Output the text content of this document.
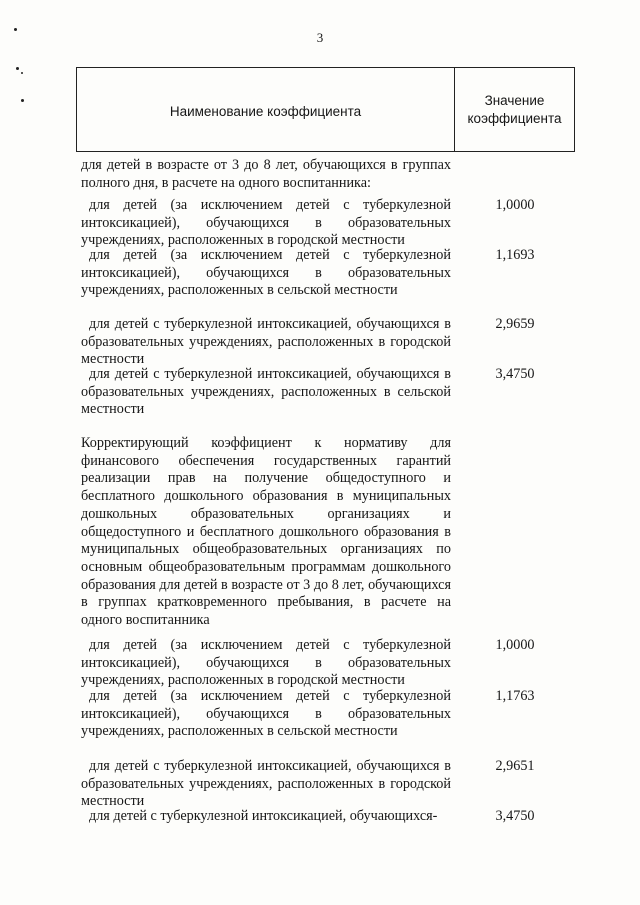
3
Наименование коэффициента
Значение
коэффициента
для детей в возрасте от 3 до 8 лет, обучающихся в группах полного дня, в расчете на одного воспитанника:
для детей (за исключением детей с туберкулезной интоксикацией), обучающихся в образовательных учреждениях, расположенных в городской местности
1,0000
для детей (за исключением детей с туберкулезной интоксикацией), обучающихся в образовательных учреждениях, расположенных в сельской местности
1,1693
для детей с туберкулезной интоксикацией, обучающихся в образовательных учреждениях, расположенных в городской местности
2,9659
для детей с туберкулезной интоксикацией, обучающихся в образовательных учреждениях, расположенных в сельской местности
3,4750
Корректирующий коэффициент к нормативу для финансового обеспечения государственных гарантий реализации прав на получение общедоступного и бесплатного дошкольного образования в муниципальных дошкольных образовательных организациях и общедоступного и бесплатного дошкольного образования в муниципальных общеобразовательных организациях по основным общеобразовательным программам дошкольного образования для детей в возрасте от 3 до 8 лет, обучающихся в группах кратковременного пребывания, в расчете на одного воспитанника
для детей (за исключением детей с туберкулезной интоксикацией), обучающихся в образовательных учреждениях, расположенных в городской местности
1,0000
для детей (за исключением детей с туберкулезной интоксикацией), обучающихся в образовательных учреждениях, расположенных в сельской местности
1,1763
для детей с туберкулезной интоксикацией, обучающихся в образовательных учреждениях, расположенных в городской местности
2,9651
для детей с туберкулезной интоксикацией, обучающихся-	3,4750
